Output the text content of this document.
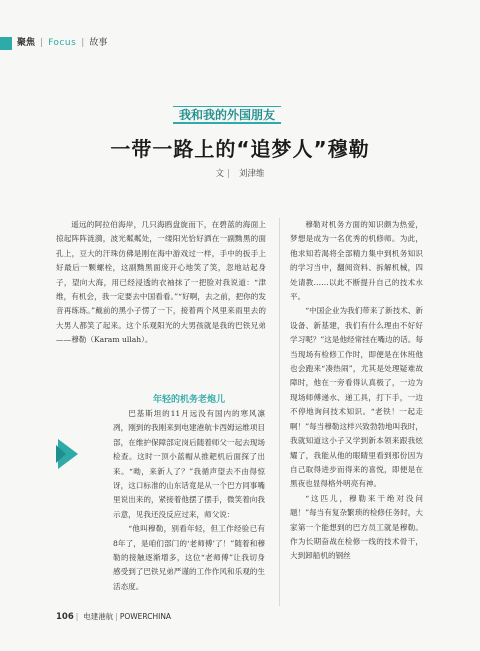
聚焦 | Focus | 故事
我和我的外国朋友
一带一路上的“追梦人”穆勒
文 | 刘津维

遥远的阿拉伯海岸，几只海鸥盘旋而下，在碧蓝的海面上掠起阵阵涟漪，波光粼粼处，一缕阳光恰好洒在一副黝黑的面孔上，豆大的汗珠仿佛是刚在海中游戏过一样，手中的扳手上好最后一颗螺栓，这副黝黑面庞开心地笑了笑，忽地站起身子，望向大海，用已经浸透的衣袖抹了一把脸对我说道：“津维，有机会，我一定要去中国看看。”“好啊，去之前，把你的发音再练练。”戴前的黑小子愣了一下，接着两个风里来雨里去的大男人都笑了起来。这个乐观阳光的大男孩就是我的巴铁兄弟——穆勒（Karam ullah）。

年轻的机务老炮儿

巴基斯坦的11月远没有国内的寒风凛冽，刚到的我刚来到电建港航卡西姆运维项目部，在维护保障部定岗后随着师父一起去现场检查。这时一顶小蓝帽从推耙机后面探了出来。“呦，来新人了？”我循声望去不由得惊讶，这口标准的山东话竟是从一个巴方同事嘴里说出来的，紧接着他摆了摆手，微笑着向我示意，见我还没反应过来，师父说：

“他叫穆勒，别看年轻，但工作经验已有8年了，是咱们部门的‘老师傅’了！”随着和穆勒的接触逐渐增多，这位“老师傅”让我切身感受到了巴铁兄弟严谨的工作作风和乐观的生活态度。

穆勒对机务方面的知识颇为热爱，梦想是成为一名优秀的机修师。为此，他求知若渴将全部精力集中到机务知识的学习当中，翻阅资料、拆解机械，四处请教……以此不断提升自己的技术水平。

“中国企业为我们带来了新技术、新设备、新基建，我们有什么理由不好好学习呢？”这是他经常挂在嘴边的话。每当现场有检修工作时，即便是在休班他也会跑来“凑热闹”，尤其是处理疑难故障时，他在一旁看得认真极了，一边为现场师傅递水、递工具，打下手，一边不停地询问技术知识。“老铁！一起走啊！”每当穆勒这样兴致勃勃地叫我时，我就知道这小子又学到新本领来跟我炫耀了，我能从他的眼睛里看到那份因为自己取得进步而得来的喜悦，即便是在黑夜也显得格外明亮有神。

“这匹儿，穆勒来干绝对没问题！”每当有复杂繁琐的检修任务时，大家第一个能想到的巴方员工就是穆勒。作为长期奋战在检修一线的技术骨干，大到卸船机的钢丝

106 | 电建港航 | POWERCHINA
